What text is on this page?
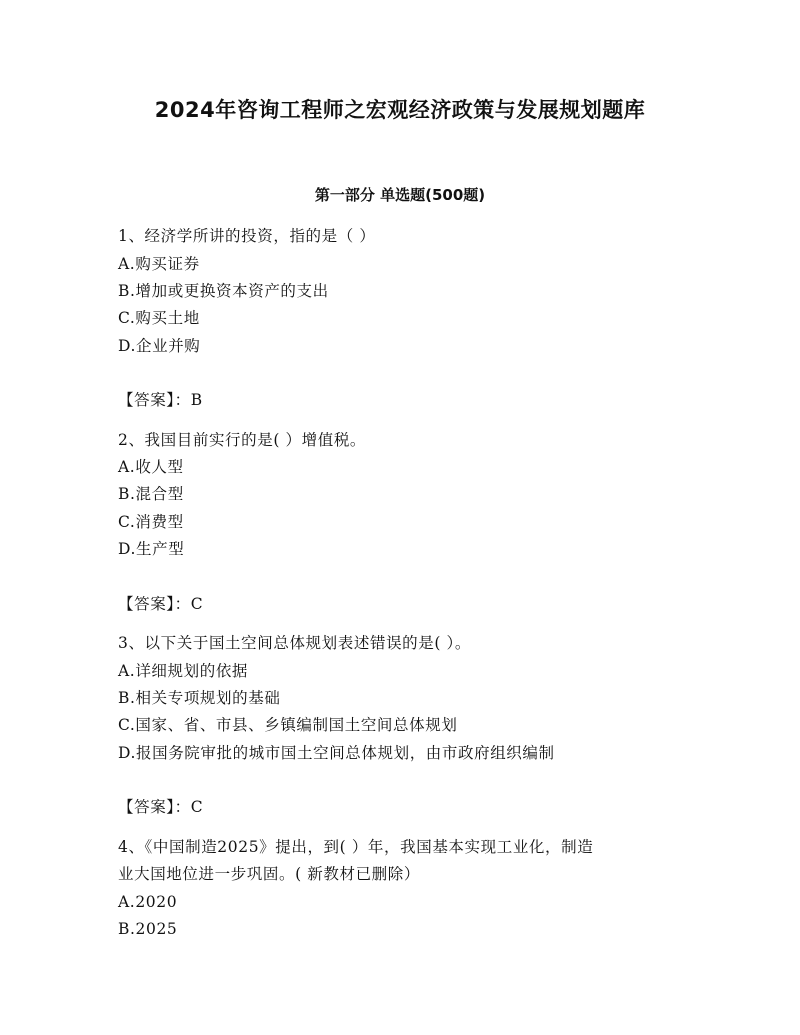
2024年咨询工程师之宏观经济政策与发展规划题库
第一部分 单选题(500题)
1、经济学所讲的投资，指的是（ ）
A.购买证券
B.增加或更换资本资产的支出
C.购买土地
D.企业并购
【答案】：B
2、我国目前实行的是( ）增值税。
A.收人型
B.混合型
C.消费型
D.生产型
【答案】：C
3、以下关于国土空间总体规划表述错误的是( ）。
A.详细规划的依据
B.相关专项规划的基础
C.国家、省、市县、乡镇编制国土空间总体规划
D.报国务院审批的城市国土空间总体规划，由市政府组织编制
【答案】：C
4、《中国制造2025》提出，到( ）年，我国基本实现工业化，制造
业大国地位进一步巩固。( 新教材已删除）
A.2020
B.2025
